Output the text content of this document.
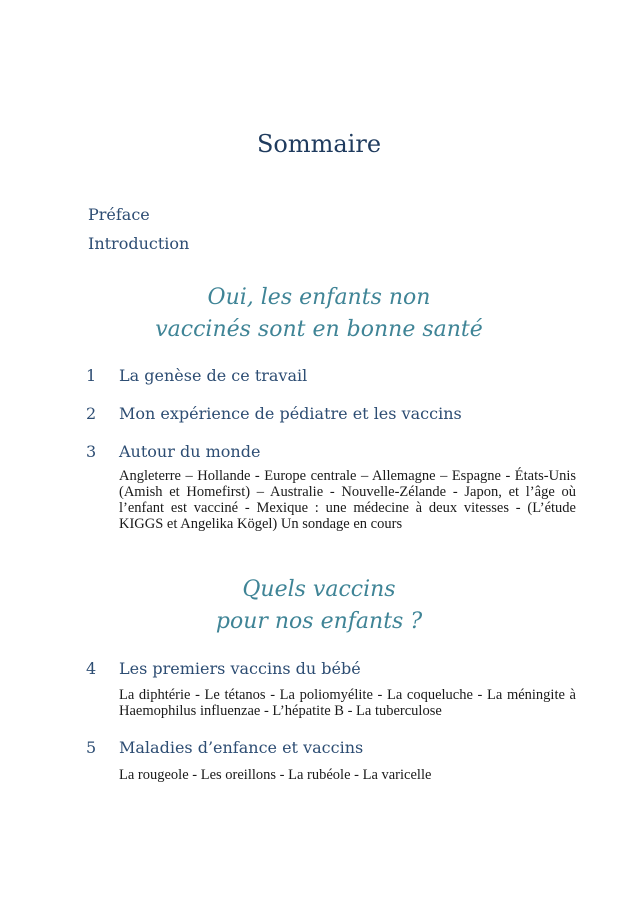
Sommaire
Préface
Introduction
Oui, les enfants non
vaccinés sont en bonne santé
1	La genèse de ce travail
2	Mon expérience de pédiatre et les vaccins
3	Autour du monde
Angleterre – Hollande - Europe centrale – Allemagne – Espagne - États-Unis (Amish et Homefirst) – Australie - Nouvelle-Zélande - Japon, et l’âge où l’enfant est vacciné - Mexique : une médecine à deux vitesses - (L’étude KIGGS et Angelika Kögel) Un sondage en cours
Quels vaccins
pour nos enfants ?
4	Les premiers vaccins du bébé
La diphtérie - Le tétanos - La poliomyélite - La coqueluche - La méningite à Haemophilus influenzae - L’hépatite B - La tuberculose
5	Maladies d’enfance et vaccins
La rougeole - Les oreillons - La rubéole - La varicelle
